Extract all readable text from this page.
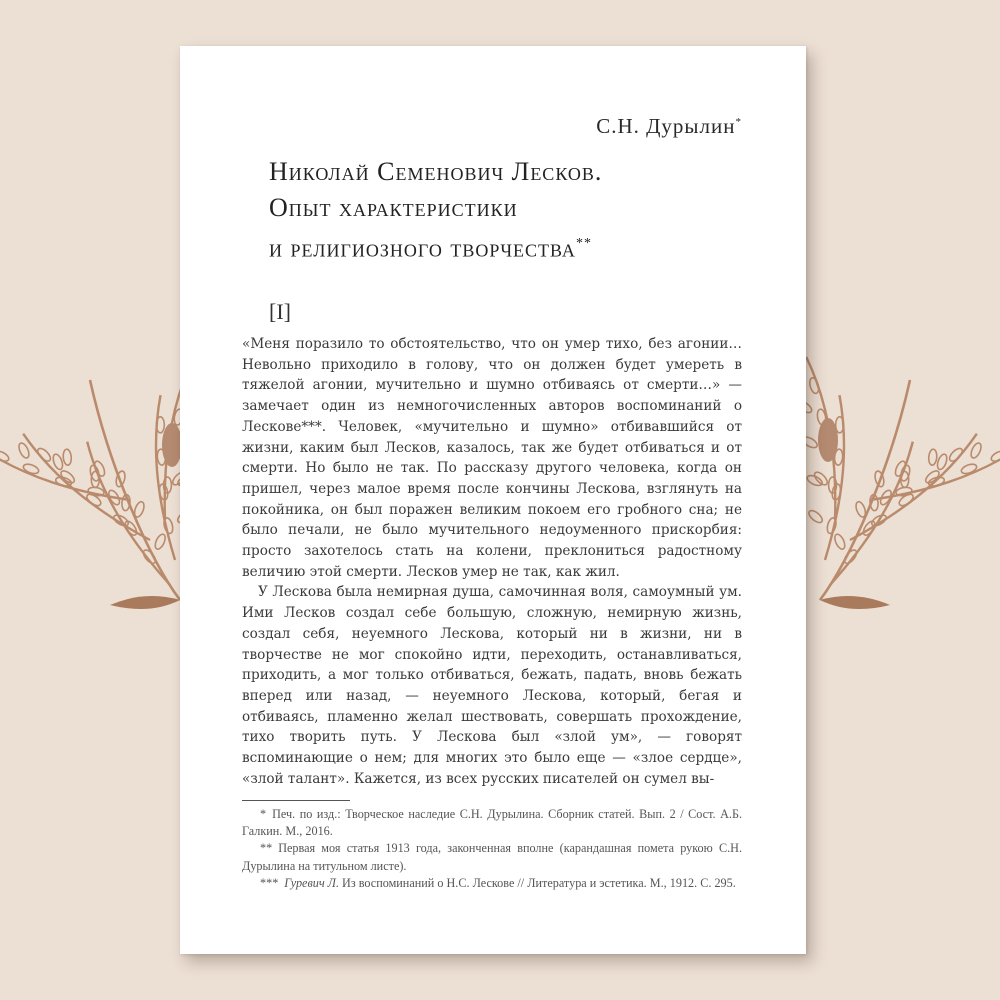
С.Н. Дурылин*
Николай Семенович Лесков.
Опыт характеристики
и религиозного творчества**
[I]

«Меня поразило то обстоятельство, что он умер тихо, без агонии… Невольно приходило в голову, что он должен будет умереть в тяжелой агонии, мучительно и шумно отбиваясь от смерти…» — замечает один из немногочисленных авторов воспоминаний о Лескове***. Человек, «мучительно и шумно» отбивавшийся от жизни, каким был Лесков, казалось, так же будет отбиваться и от смерти. Но было не так. По рассказу другого человека, когда он пришел, через малое время после кончины Лескова, взглянуть на покойника, он был поражен великим покоем его гробного сна; не было печали, не было мучительного недоуменного прискорбия: просто захотелось стать на колени, преклониться радостному величию этой смерти. Лесков умер не так, как жил.

У Лескова была немирная душа, самочинная воля, самоумный ум. Ими Лесков создал себе большую, сложную, немирную жизнь, создал себя, неуемного Лескова, который ни в жизни, ни в творчестве не мог спокойно идти, переходить, останавливаться, приходить, а мог только отбиваться, бежать, падать, вновь бежать вперед или назад, — неуемного Лескова, который, бегая и отбиваясь, пламенно желал шествовать, совершать прохождение, тихо творить путь. У Лескова был «злой ум», — говорят вспоминающие о нем; для многих это было еще — «злое сердце», «злой талант». Кажется, из всех русских писателей он сумел вы-

* Печ. по изд.: Творческое наследие С.Н. Дурылина. Сборник статей. Вып. 2 / Сост. А.Б. Галкин. М., 2016.

** Первая моя статья 1913 года, законченная вполне (карандашная помета рукою С.Н. Дурылина на титульном листе).

*** Гуревич Л. Из воспоминаний о Н.С. Лескове // Литература и эстетика. М., 1912. С. 295.
